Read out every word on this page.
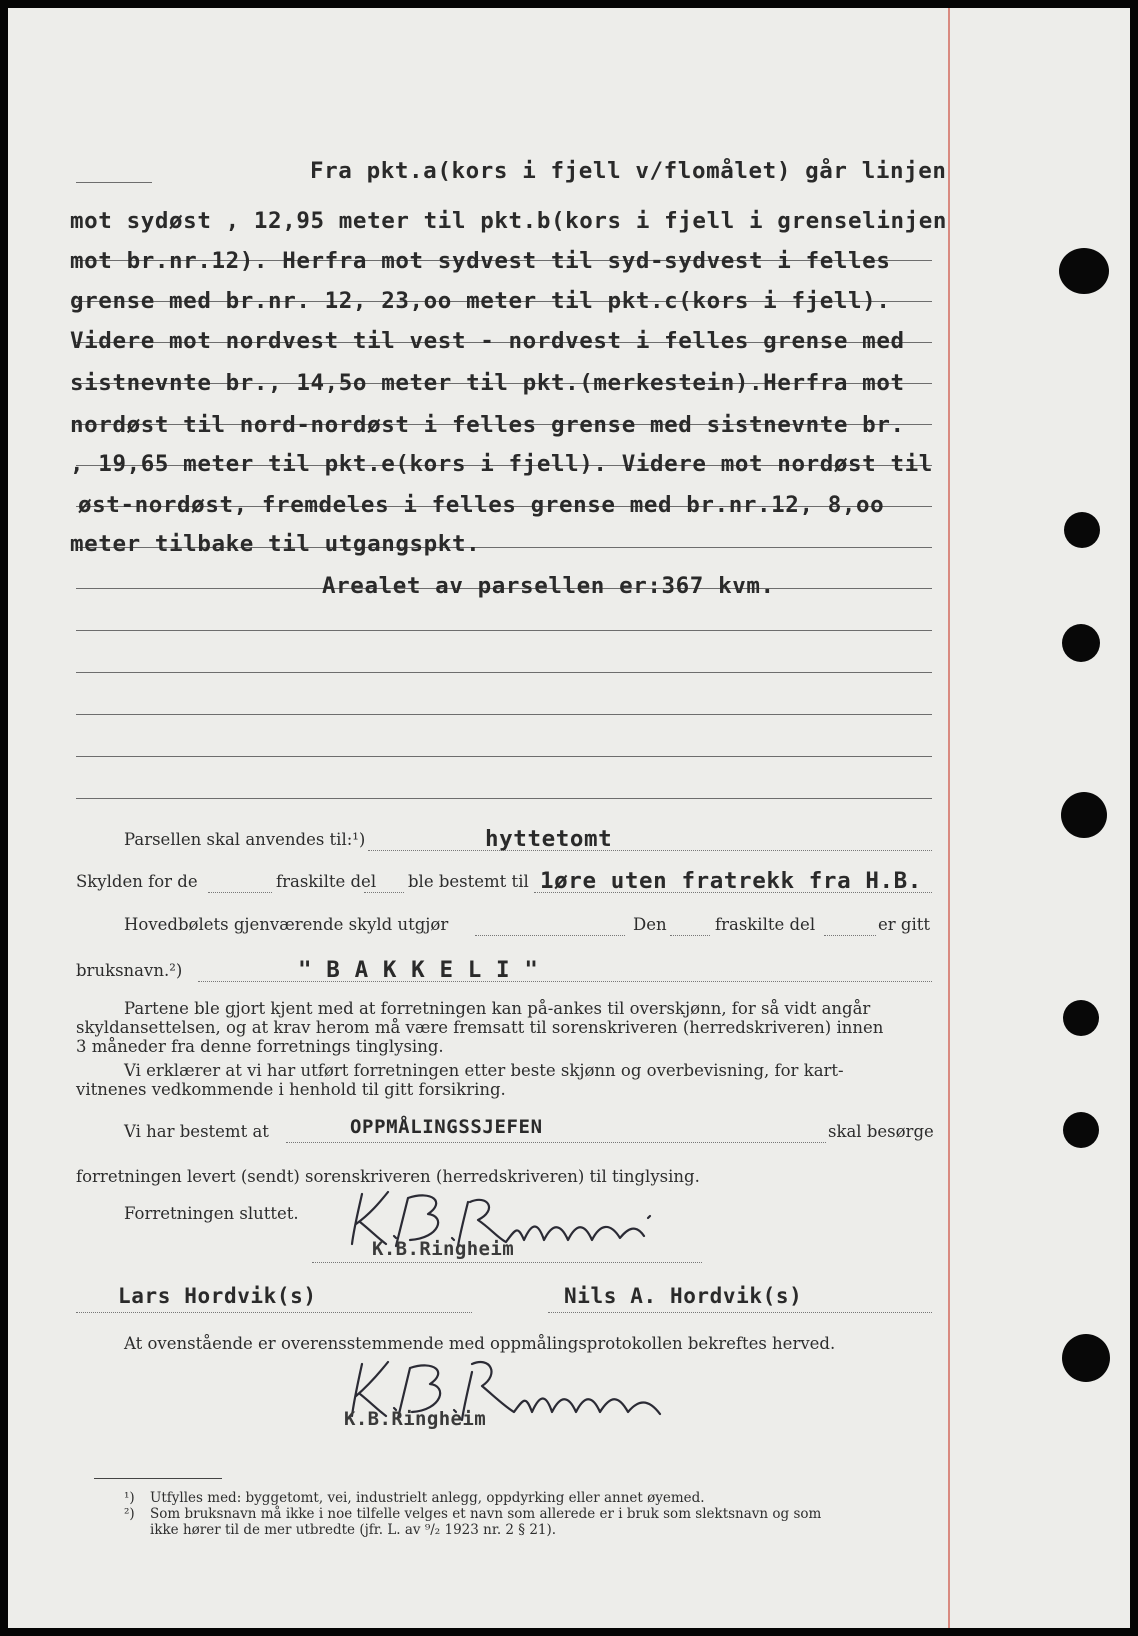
Fra pkt.a(kors i fjell v/flomålet) går linjen
mot sydøst , 12,95 meter til pkt.b(kors i fjell i grenselinjen
mot br.nr.12). Herfra mot sydvest til syd-sydvest i felles
grense med br.nr. 12, 23,oo meter til pkt.c(kors i fjell).
Videre mot nordvest til vest - nordvest i felles grense med
sistnevnte br., 14,5o meter til pkt.(merkestein).Herfra mot
nordøst til nord-nordøst i felles grense med sistnevnte br.
, 19,65 meter til pkt.e(kors i fjell). Videre mot nordøst til
øst-nordøst, fremdeles i felles grense med br.nr.12, 8,oo
meter tilbake til utgangspkt.
Arealet av parsellen er:367 kvm.
Parsellen skal anvendes til:¹)	hyttetomt
Skylden for de	fraskilte del ble bestemt til 1øre uten fratrekk fra H.B.
Hovedbølets gjenværende skyld utgjør	Den	fraskilte del	er gitt
bruksnavn.²)	" B A K K E L I "
Partene ble gjort kjent med at forretningen kan på-ankes til overskjønn, for så vidt angår
skyldansettelsen, og at krav herom må være fremsatt til sorenskriveren (herredskriveren) innen
3 måneder fra denne forretnings tinglysing.
Vi erklærer at vi har utført forretningen etter beste skjønn og overbevisning, for kart-
vitnenes vedkommende i henhold til gitt forsikring.
Vi har bestemt at	OPPMÅLINGSSJEFEN	skal besørge
forretningen levert (sendt) sorenskriveren (herredskriveren) til tinglysing.
Forretningen sluttet.
K.B.Ringheim
Lars Hordvik(s)	Nils A. Hordvik(s)
At ovenstående er overensstemmende med oppmålingsprotokollen bekreftes herved.
K.B.Ringheim
¹) Utfylles med: byggetomt, vei, industrielt anlegg, oppdyrking eller annet øyemed.
²) Som bruksnavn må ikke i noe tilfelle velges et navn som allerede er i bruk som slektsnavn og som
ikke hører til de mer utbredte (jfr. L. av ⁹/₂ 1923 nr. 2 § 21).
